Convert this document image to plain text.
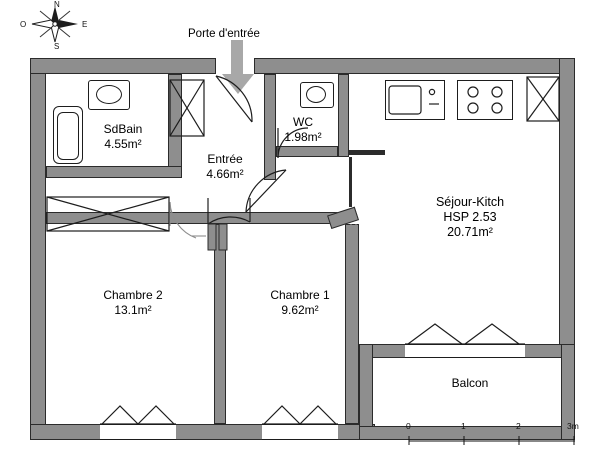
N
S
E
O
Porte d'entrée
SdBain
4.55m²
Entrée
4.66m²
WC
1.98m²
Séjour-Kitch
HSP 2.53
20.71m²
Chambre 2
13.1m²
Chambre 1
9.62m²
Balcon
0	1	2	3m
